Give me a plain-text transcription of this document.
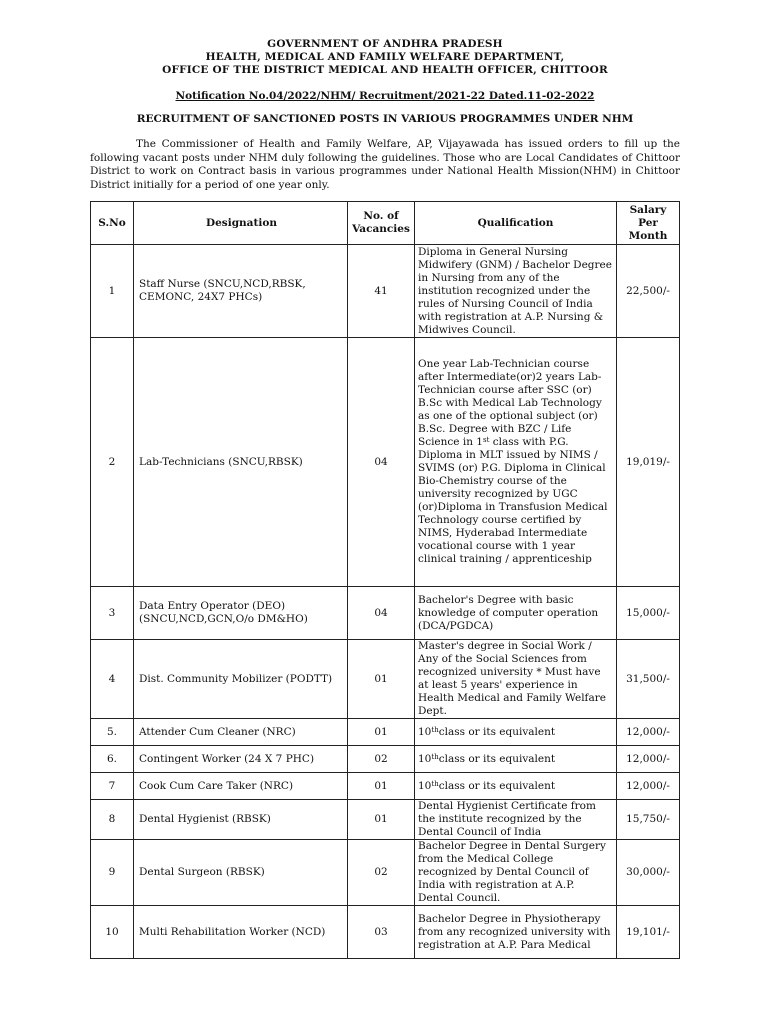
GOVERNMENT OF ANDHRA PRADESH
HEALTH, MEDICAL AND FAMILY WELFARE DEPARTMENT,
OFFICE OF THE DISTRICT MEDICAL AND HEALTH OFFICER, CHITTOOR
Notification No.04/2022/NHM/ Recruitment/2021-22 Dated.11-02-2022
RECRUITMENT OF SANCTIONED POSTS IN VARIOUS PROGRAMMES UNDER NHM
The Commissioner of Health and Family Welfare, AP, Vijayawada has issued orders to fill up the following vacant posts under NHM duly following the guidelines. Those who are Local Candidates of Chittoor District to work on Contract basis in various programmes under National Health Mission(NHM) in Chittoor District initially for a period of one year only.
S.No	Designation	No. of Vacancies	Qualification	Salary Per Month
1	Staff Nurse (SNCU,NCD,RBSK, CEMONC, 24X7 PHCs)	41	Diploma in General Nursing Midwifery (GNM) / Bachelor Degree in Nursing from any of the institution recognized under the rules of Nursing Council of India with registration at A.P. Nursing & Midwives Council.	22,500/-
2	Lab-Technicians (SNCU,RBSK)	04	One year Lab-Technician course after Intermediate(or)2 years Lab-Technician course after SSC (or) B.Sc with Medical Lab Technology as one of the optional subject (or) B.Sc. Degree with BZC / Life Science in 1st class with P.G. Diploma in MLT issued by NIMS / SVIMS (or) P.G. Diploma in Clinical Bio-Chemistry course of the university recognized by UGC (or)Diploma in Transfusion Medical Technology course certified by NIMS, Hyderabad Intermediate vocational course with 1 year clinical training / apprenticeship	19,019/-
3	Data Entry Operator (DEO) (SNCU,NCD,GCN,O/o DM&HO)	04	Bachelor's Degree with basic knowledge of computer operation (DCA/PGDCA)	15,000/-
4	Dist. Community Mobilizer (PODTT)	01	Master's degree in Social Work / Any of the Social Sciences from recognized university * Must have at least 5 years' experience in Health Medical and Family Welfare Dept.	31,500/-
5.	Attender Cum Cleaner (NRC)	01	10thclass or its equivalent	12,000/-
6.	Contingent Worker (24 X 7 PHC)	02	10thclass or its equivalent	12,000/-
7	Cook Cum Care Taker (NRC)	01	10thclass or its equivalent	12,000/-
8	Dental Hygienist (RBSK)	01	Dental Hygienist Certificate from the institute recognized by the Dental Council of India	15,750/-
9	Dental Surgeon (RBSK)	02	Bachelor Degree in Dental Surgery from the Medical College recognized by Dental Council of India with registration at A.P. Dental Council.	30,000/-
10	Multi Rehabilitation Worker (NCD)	03	Bachelor Degree in Physiotherapy from any recognized university with registration at A.P. Para Medical	19,101/-
